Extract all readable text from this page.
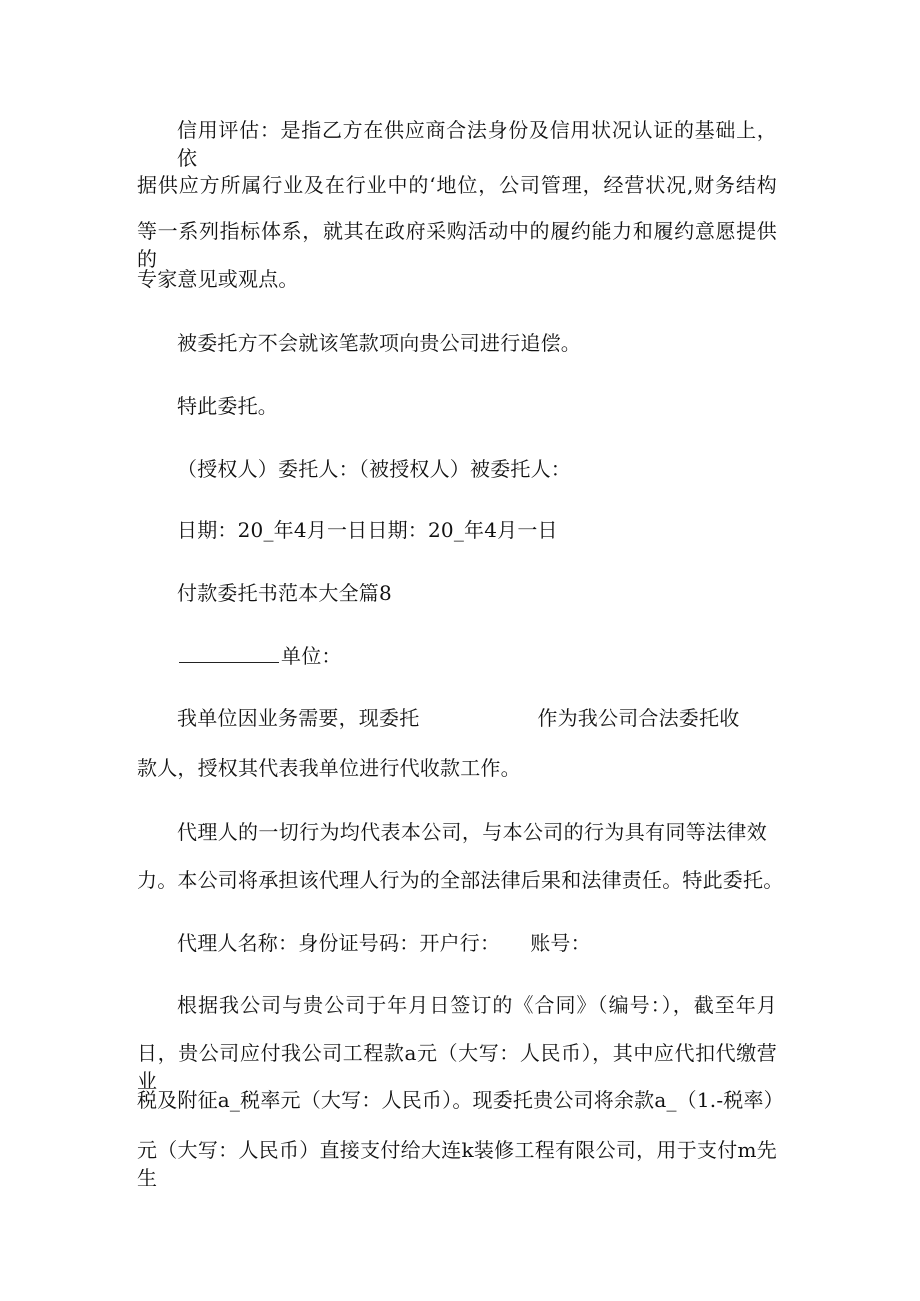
信用评估：是指乙方在供应商合法身份及信用状况认证的基础上，依
据供应方所属行业及在行业中的‘地位，公司管理，经营状况,财务结构
等一系列指标体系，就其在政府采购活动中的履约能力和履约意愿提供的
专家意见或观点。
被委托方不会就该笔款项向贵公司进行追偿。
特此委托。
（授权人）委托人：（被授权人）被委托人：
日期：20_年4月一日日期：20_年4月一日
付款委托书范本大全篇8
单位：
我单位因业务需要，现委托	作为我公司合法委托收
款人，授权其代表我单位进行代收款工作。
代理人的一切行为均代表本公司，与本公司的行为具有同等法律效
力。本公司将承担该代理人行为的全部法律后果和法律责任。特此委托。
代理人名称：身份证号码：开户行： 账号：
根据我公司与贵公司于年月日签订的《合同》（编号：），截至年月
日，贵公司应付我公司工程款a元（大写：人民币），其中应代扣代缴营业
税及附征a_税率元（大写：人民币）。现委托贵公司将余款a_（1.-税率）
元（大写：人民币）直接支付给大连k装修工程有限公司，用于支付m先生
